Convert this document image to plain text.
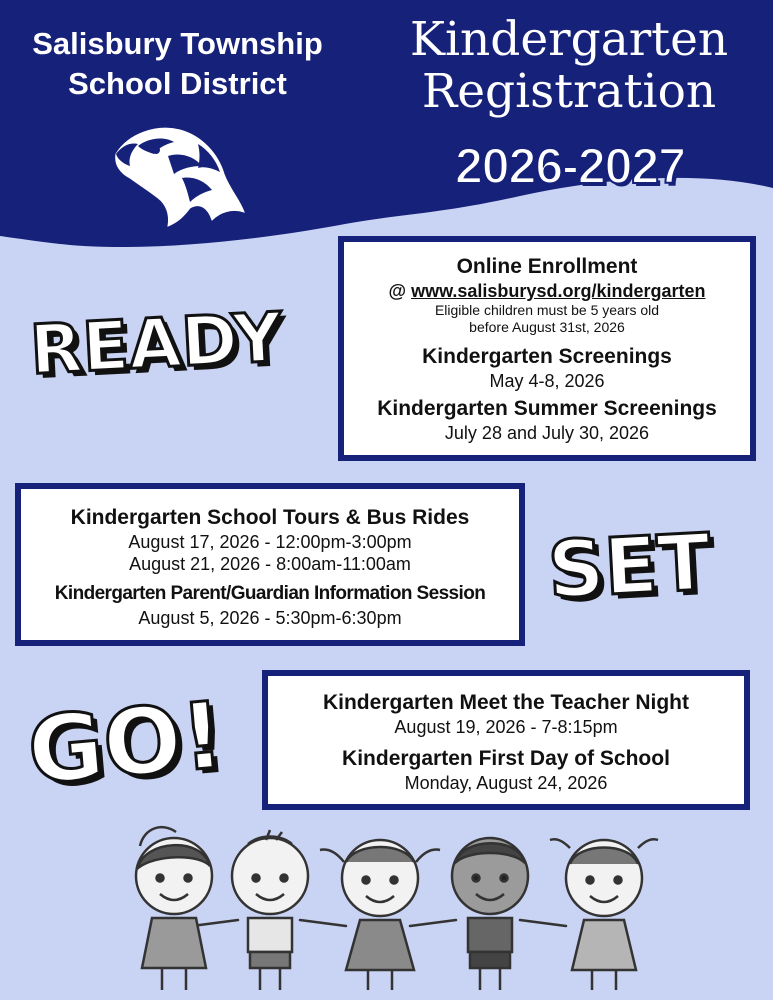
Salisbury Township
School District
Kindergarten
Registration
2026-2027
READY
Online Enrollment
@ www.salisburysd.org/kindergarten
Eligible children must be 5 years old
before August 31st, 2026
Kindergarten Screenings
May 4-8, 2026
Kindergarten Summer Screenings
July 28 and July 30, 2026
Kindergarten School Tours & Bus Rides
August 17, 2026 - 12:00pm-3:00pm
August 21, 2026 - 8:00am-11:00am
Kindergarten Parent/Guardian Information Session
August 5, 2026 - 5:30pm-6:30pm
SET
GO!	Kindergarten Meet the Teacher Night
August 19, 2026 - 7-8:15pm
Kindergarten First Day of School
Monday, August 24, 2026
